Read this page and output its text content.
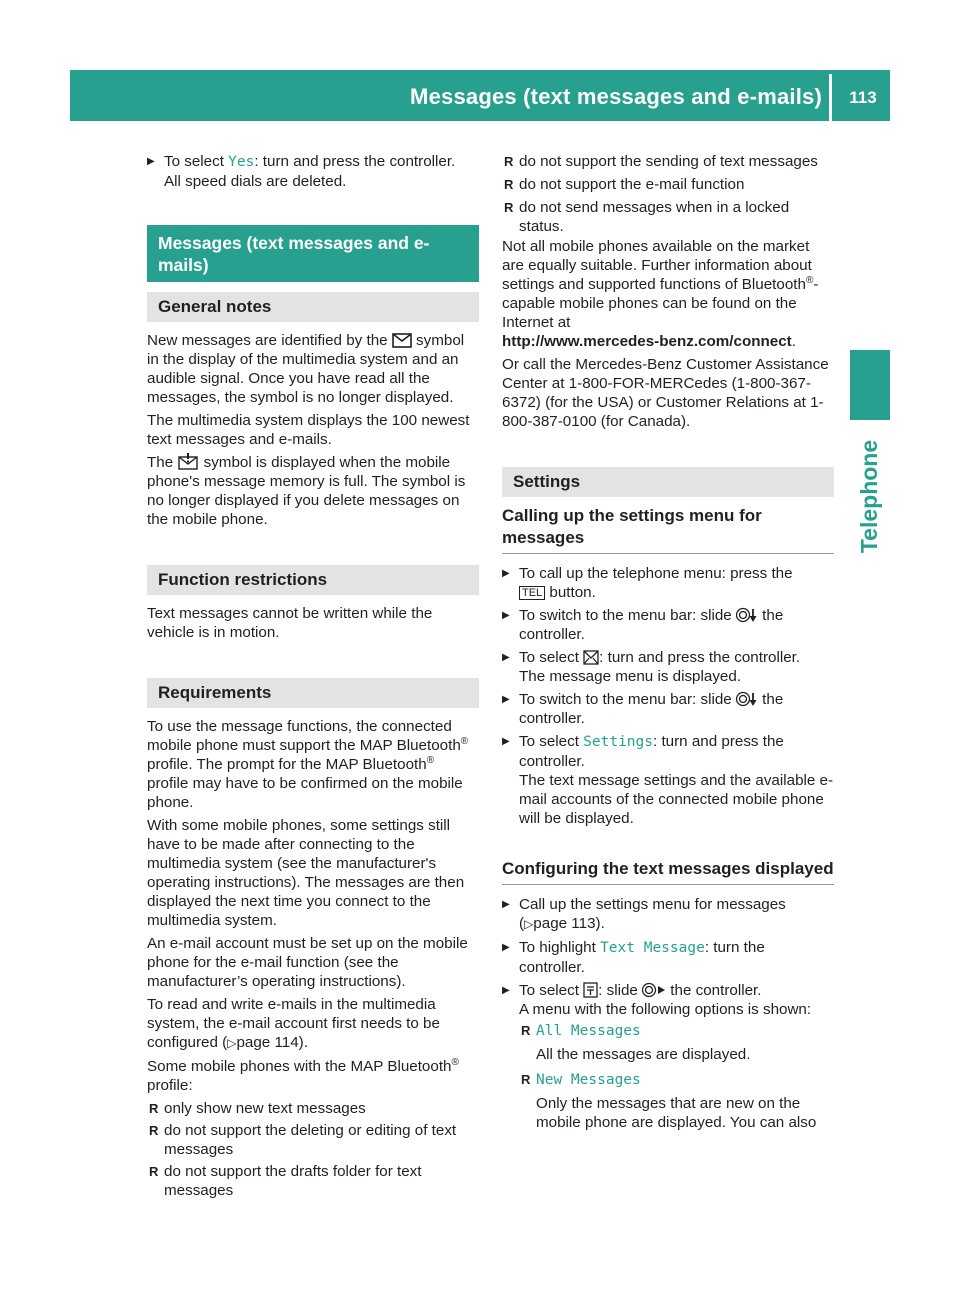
Messages (text messages and e-mails)	113
Telephone

▶ To select Yes: turn and press the controller.

All speed dials are deleted.

Messages (text messages and e-mails)
General notes

New messages are identified by the  symbol in the display of the multimedia system and an audible signal. Once you have read all the messages, the symbol is no longer displayed.

The multimedia system displays the 100 newest text messages and e-mails.

The  symbol is displayed when the mobile phone's message memory is full. The symbol is no longer displayed if you delete messages on the mobile phone.

Function restrictions

Text messages cannot be written while the vehicle is in motion.

Requirements

To use the message functions, the connected mobile phone must support the MAP Bluetooth® profile. The prompt for the MAP Bluetooth® profile may have to be confirmed on the mobile phone.

With some mobile phones, some settings still have to be made after connecting to the multimedia system (see the manufacturer's operating instructions). The messages are then displayed the next time you connect to the multimedia system.

An e-mail account must be set up on the mobile phone for the e-mail function (see the manufacturer’s operating instructions).

To read and write e-mails in the multimedia system, the e-mail account first needs to be configured (▷page 114).

Some mobile phones with the MAP Bluetooth®
profile:

R only show new text messages

R do not support the deleting or editing of text messages

R do not support the drafts folder for text messages

R do not support the sending of text messages

R do not support the e-mail function

R do not send messages when in a locked status.

Not all mobile phones available on the market are equally suitable. Further information about settings and supported functions of Bluetooth®-capable mobile phones can be found on the Internet at
http://www.mercedes-benz.com/connect.

Or call the Mercedes-Benz Customer Assistance Center at 1-800-FOR-MERCedes (1-800-367-6372) (for the USA) or Customer Relations at 1-800-387-0100 (for Canada).

Settings
Calling up the settings menu for messages

▶ To call up the telephone menu: press the
TEL button.

▶ To switch to the menu bar: slide  the controller.

▶ To select : turn and press the controller.
The message menu is displayed.

▶ To switch to the menu bar: slide  the controller.

▶ To select Settings: turn and press the controller.
The text message settings and the available e-mail accounts of the connected mobile phone will be displayed.

Configuring the text messages displayed

▶ Call up the settings menu for messages
(▷page 113).

▶ To highlight Text Message: turn the controller.

▶ To select : slide  the controller.
A menu with the following options is shown:

R All Messages

All the messages are displayed.

R New Messages

Only the messages that are new on the mobile phone are displayed. You can also
